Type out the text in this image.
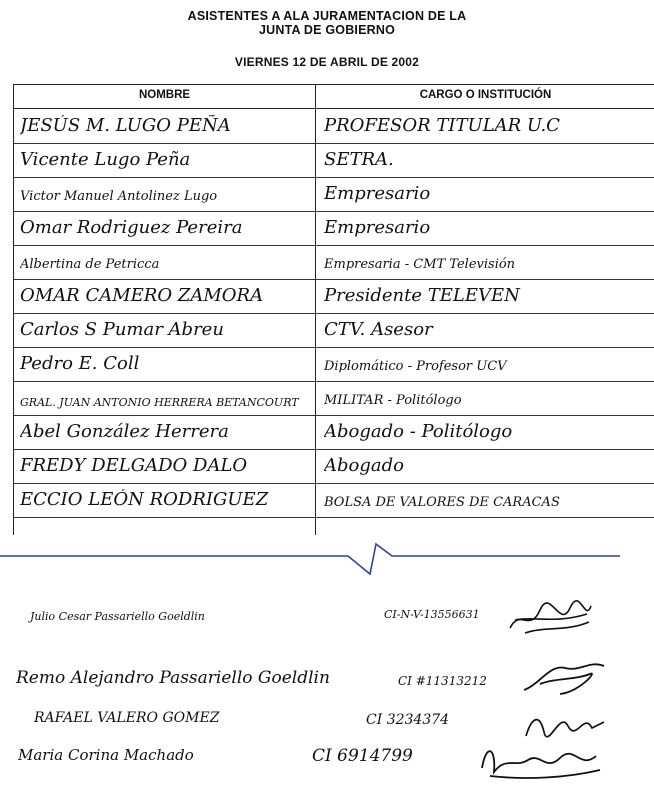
ASISTENTES A ALA JURAMENTACION DE LA
JUNTA DE GOBIERNO
VIERNES 12 DE ABRIL DE 2002
NOMBRE	CARGO O INSTITUCIÓN
JESÚS M. LUGO PEÑA	PROFESOR TITULAR U.C
Vicente Lugo Peña	SETRA.
Victor Manuel Antolinez Lugo	Empresario
Omar Rodriguez Pereira	Empresario
Albertina de Petricca	Empresaria - CMT Televisión
OMAR CAMERO ZAMORA	Presidente TELEVEN
Carlos S Pumar Abreu	CTV. Asesor
Pedro E. Coll	Diplomático - Profesor UCV
GRAL. JUAN ANTONIO HERRERA BETANCOURT	MILITAR - Politólogo
Abel González Herrera	Abogado - Politólogo
FREDY DELGADO DALO	Abogado
ECCIO LEÓN RODRIGUEZ	BOLSA DE VALORES DE CARACAS
Julio Cesar Passariello Goeldlin	CI-N-V-13556631
Remo Alejandro Passariello Goeldlin	CI #11313212
RAFAEL VALERO GOMEZ	CI 3234374
Maria Corina Machado	CI 6914799
